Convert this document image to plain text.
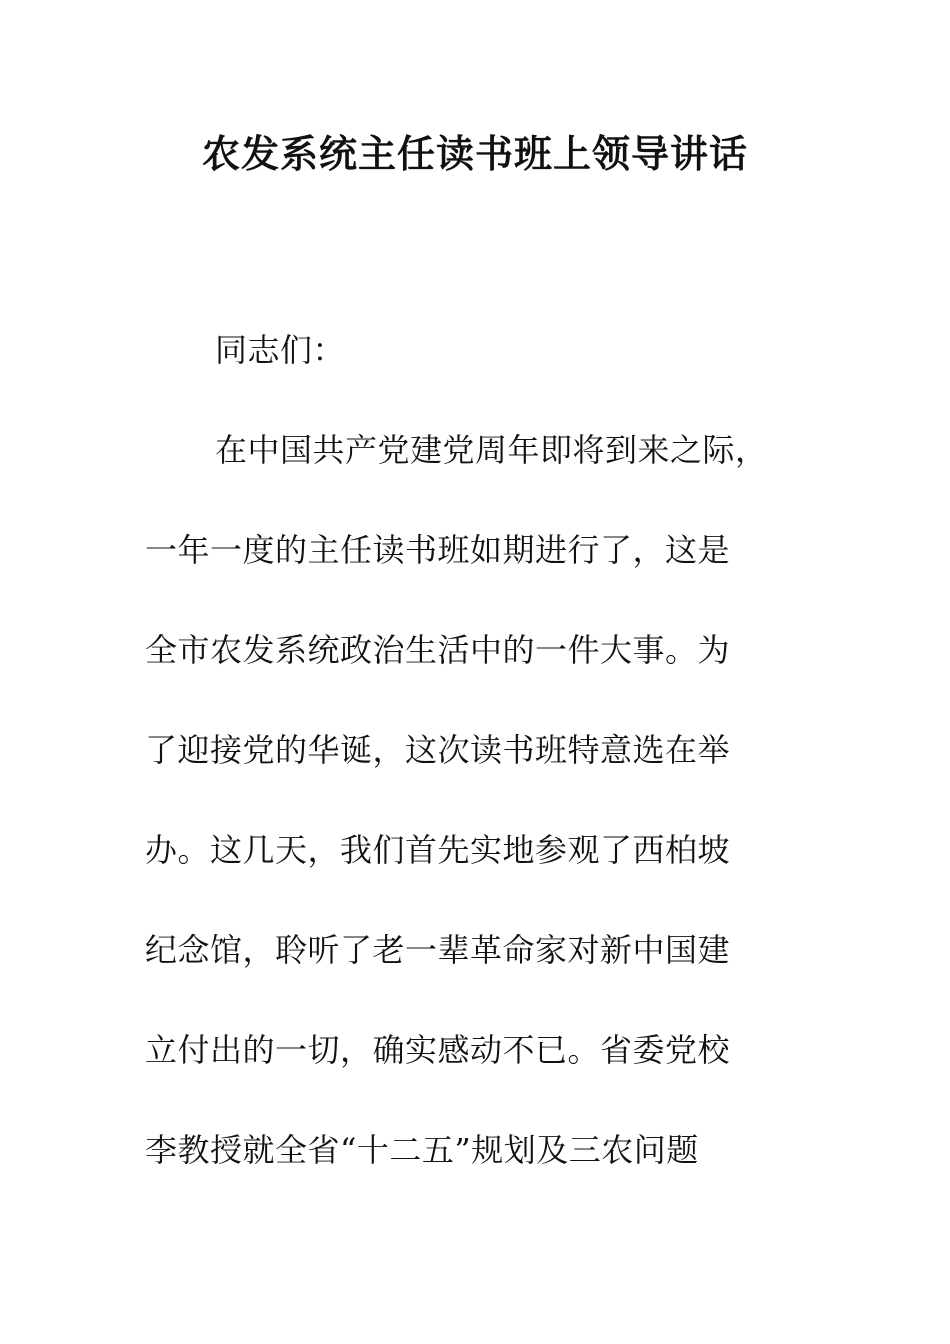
农发系统主任读书班上领导讲话
同志们：
在中国共产党建党周年即将到来之际，
一年一度的主任读书班如期进行了，这是
全市农发系统政治生活中的一件大事。为
了迎接党的华诞，这次读书班特意选在举
办。这几天，我们首先实地参观了西柏坡
纪念馆，聆听了老一辈革命家对新中国建
立付出的一切，确实感动不已。省委党校
李教授就全省“十二五”规划及三农问题
